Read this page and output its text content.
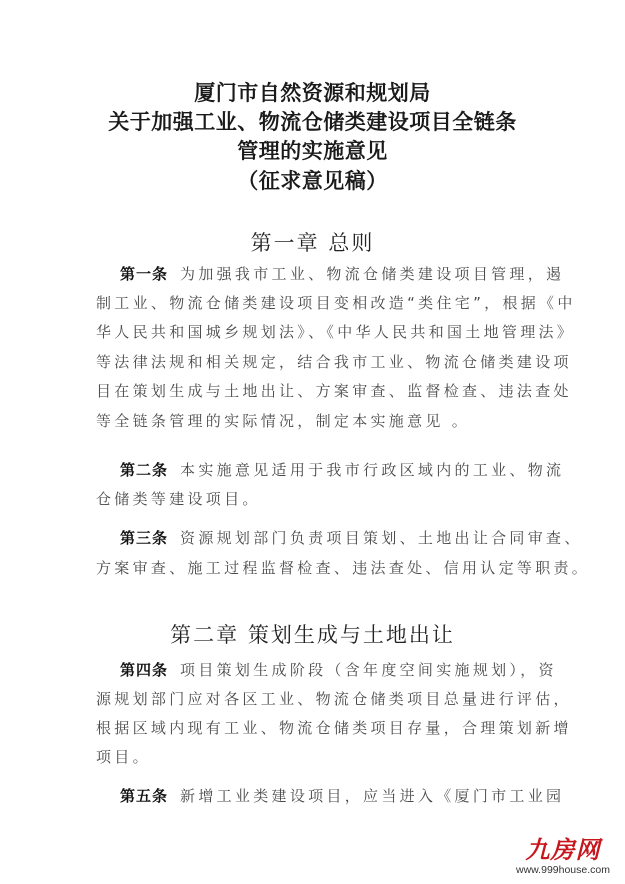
厦门市自然资源和规划局
关于加强工业、物流仓储类建设项目全链条
管理的实施意见
（征求意见稿）
第一章 总则
第一条 为加强我市工业、物流仓储类建设项目管理，遏
制工业、物流仓储类建设项目变相改造“类住宅”，根据《中
华人民共和国城乡规划法》、《中华人民共和国土地管理法》
等法律法规和相关规定，结合我市工业、物流仓储类建设项
目在策划生成与土地出让、方案审查、监督检查、违法查处
等全链条管理的实际情况，制定本实施意见 。
第二条 本实施意见适用于我市行政区域内的工业、物流
仓储类等建设项目。
第三条 资源规划部门负责项目策划、土地出让合同审查、
方案审查、施工过程监督检查、违法查处、信用认定等职责。
第二章 策划生成与土地出让
第四条 项目策划生成阶段（含年度空间实施规划），资
源规划部门应对各区工业、物流仓储类项目总量进行评估，
根据区域内现有工业、物流仓储类项目存量，合理策划新增
项目。
第五条 新增工业类建设项目，应当进入《厦门市工业园
九房网
www.999house.com
